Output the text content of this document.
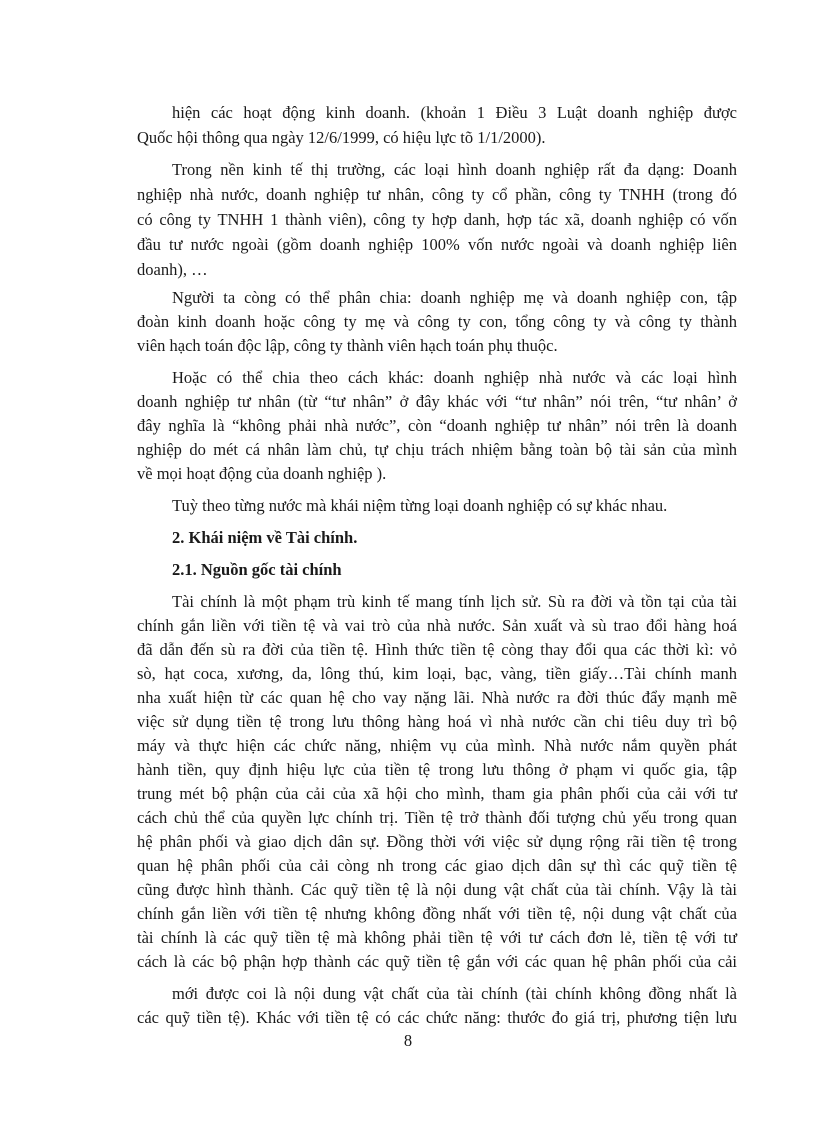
hiện các hoạt động kinh doanh. (khoản 1 Điều 3 Luật doanh nghiệp được
Quốc hội thông qua ngày 12/6/1999, có hiệu lực tõ 1/1/2000).
Trong nền kinh tế thị trường, các loại hình doanh nghiệp rất đa dạng: Doanh
nghiệp nhà nước, doanh nghiệp tư nhân, công ty cổ phần, công ty TNHH (trong đó
có công ty TNHH 1 thành viên), công ty hợp danh, hợp tác xã, doanh nghiệp có vốn
đầu tư nước ngoài (gồm doanh nghiệp 100% vốn nước ngoài và doanh nghiệp liên
doanh), …
Người ta còng có thể phân chia: doanh nghiệp mẹ và doanh nghiệp con, tập
đoàn kinh doanh hoặc công ty mẹ và công ty con, tổng công ty và công ty thành
viên hạch toán độc lập, công ty thành viên hạch toán phụ thuộc.
Hoặc có thể chia theo cách khác: doanh nghiệp nhà nước và các loại hình
doanh nghiệp tư nhân (từ “tư nhân” ở đây khác với “tư nhân” nói trên, “tư nhân’ ở
đây nghĩa là “không phải nhà nước”, còn “doanh nghiệp tư nhân” nói trên là doanh
nghiệp do mét cá nhân làm chủ, tự chịu trách nhiệm bằng toàn bộ tài sản của mình
về mọi hoạt động của doanh nghiệp ).
Tuỳ theo từng nước mà khái niệm từng loại doanh nghiệp có sự khác nhau.
2. Khái niệm về Tài chính.
2.1. Nguồn gốc tài chính
Tài chính là một phạm trù kinh tế mang tính lịch sử. Sù ra đời và tồn tại của tài
chính gắn liền với tiền tệ và vai trò của nhà nước. Sản xuất và sù trao đổi hàng hoá
đã dẫn đến sù ra đời của tiền tệ. Hình thức tiền tệ còng thay đổi qua các thời kì: vỏ
sò, hạt coca, xương, da, lông thú, kim loại, bạc, vàng, tiền giấy…Tài chính manh
nha xuất hiện từ các quan hệ cho vay nặng lãi. Nhà nước ra đời thúc đẩy mạnh mẽ
việc sử dụng tiền tệ trong lưu thông hàng hoá vì nhà nước cần chi tiêu duy trì bộ
máy và thực hiện các chức năng, nhiệm vụ của mình. Nhà nước nắm quyền phát
hành tiền, quy định hiệu lực của tiền tệ trong lưu thông ở phạm vi quốc gia, tập
trung mét bộ phận của cải của xã hội cho mình, tham gia phân phối của cải với tư
cách chủ thể của quyền lực chính trị. Tiền tệ trở thành đối tượng chủ yếu trong quan
hệ phân phối và giao dịch dân sự. Đồng thời với việc sử dụng rộng rãi tiền tệ trong
quan hệ phân phối của cải còng nh trong các giao dịch dân sự thì các quỹ tiền tệ
cũng được hình thành. Các quỹ tiền tệ là nội dung vật chất của tài chính. Vậy là tài
chính gắn liền với tiền tệ nhưng không đồng nhất với tiền tệ, nội dung vật chất của
tài chính là các quỹ tiền tệ mà không phải tiền tệ với tư cách đơn lẻ, tiền tệ với tư
cách là các bộ phận hợp thành các quỹ tiền tệ gắn với các quan hệ phân phối của cải
mới được coi là nội dung vật chất của tài chính (tài chính không đồng nhất là
các quỹ tiền tệ). Khác với tiền tệ có các chức năng: thước đo giá trị, phương tiện lưu
8
